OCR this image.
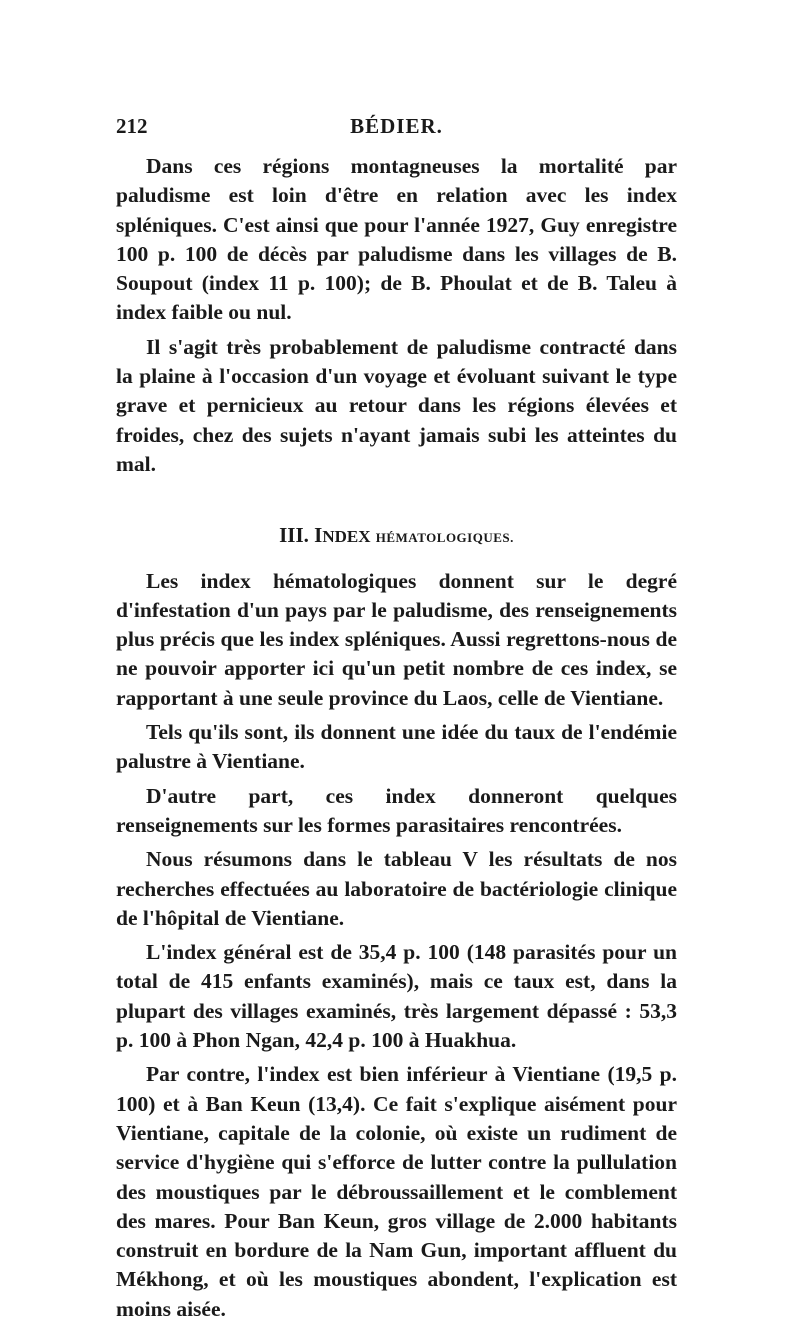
212	BÉDIER.

Dans ces régions montagneuses la mortalité par paludisme est loin d'être en relation avec les index spléniques. C'est ainsi que pour l'année 1927, Guy enregistre 100 p. 100 de décès par paludisme dans les villages de B. Soupout (index 11 p. 100); de B. Phoulat et de B. Taleu à index faible ou nul.

Il s'agit très probablement de paludisme contracté dans la plaine à l'occasion d'un voyage et évoluant suivant le type grave et pernicieux au retour dans les régions élevées et froides, chez des sujets n'ayant jamais subi les atteintes du mal.

III. INDEX HÉMATOLOGIQUES.

Les index hématologiques donnent sur le degré d'infestation d'un pays par le paludisme, des renseignements plus précis que les index spléniques. Aussi regrettons-nous de ne pouvoir apporter ici qu'un petit nombre de ces index, se rapportant à une seule province du Laos, celle de Vientiane.

Tels qu'ils sont, ils donnent une idée du taux de l'endémie palustre à Vientiane.

D'autre part, ces index donneront quelques renseignements sur les formes parasitaires rencontrées.

Nous résumons dans le tableau V les résultats de nos recherches effectuées au laboratoire de bactériologie clinique de l'hôpital de Vientiane.

L'index général est de 35,4 p. 100 (148 parasités pour un total de 415 enfants examinés), mais ce taux est, dans la plupart des villages examinés, très largement dépassé : 53,3 p. 100 à Phon Ngan, 42,4 p. 100 à Huakhua.

Par contre, l'index est bien inférieur à Vientiane (19,5 p. 100) et à Ban Keun (13,4). Ce fait s'explique aisément pour Vientiane, capitale de la colonie, où existe un rudiment de service d'hygiène qui s'efforce de lutter contre la pullulation des moustiques par le débroussaillement et le comblement des mares. Pour Ban Keun, gros village de 2.000 habitants construit en bordure de la Nam Gun, important affluent du Mékhong, et où les moustiques abondent, l'explication est moins aisée.
